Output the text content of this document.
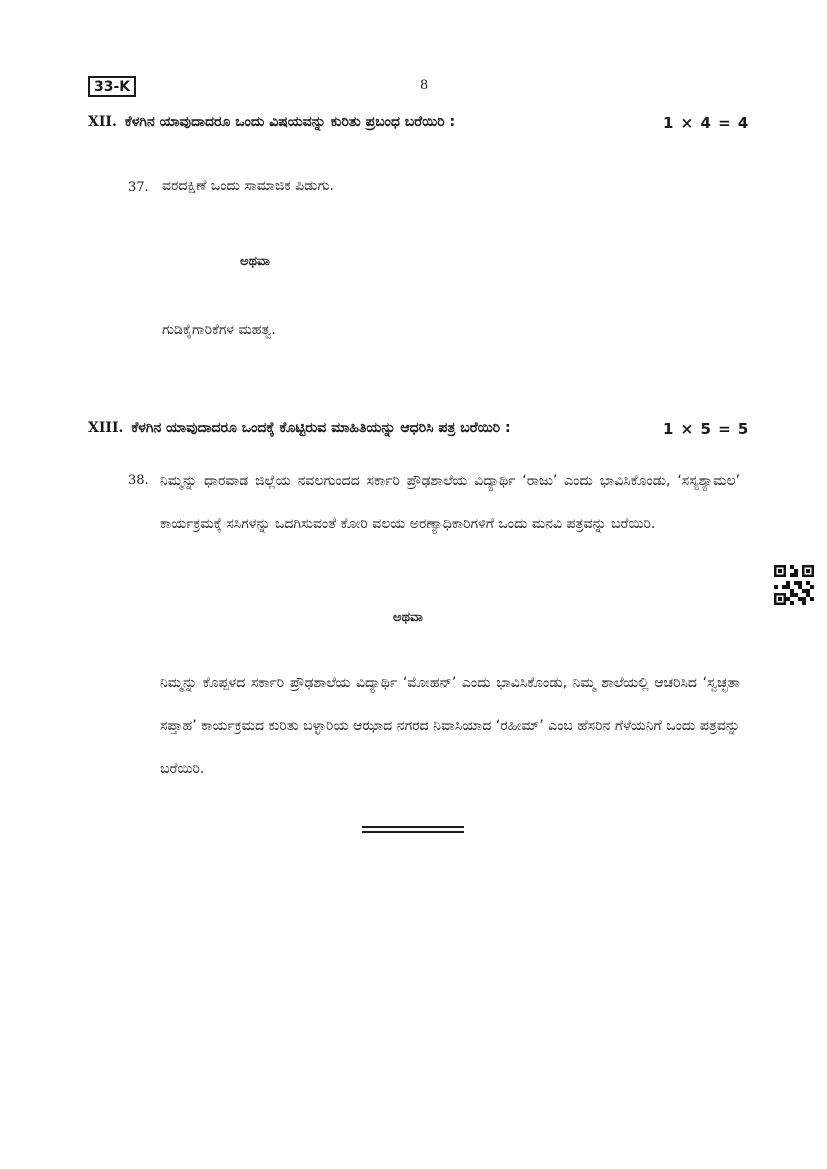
33-K	8
XII. ಕೆಳಗಿನ ಯಾವುದಾದರೂ ಒಂದು ವಿಷಯವನ್ನು ಕುರಿತು ಪ್ರಬಂಧ ಬರೆಯಿರಿ :	1 × 4 = 4
37. ವರದಕ್ಷಿಣೆ ಒಂದು ಸಾಮಾಜಿಕ ಪಿಡುಗು.
ಅಥವಾ
ಗುಡಿಕೈಗಾರಿಕೆಗಳ ಮಹತ್ವ.
XIII. ಕೆಳಗಿನ ಯಾವುದಾದರೂ ಒಂದಕ್ಕೆ ಕೊಟ್ಟಿರುವ ಮಾಹಿತಿಯನ್ನು ಆಧರಿಸಿ ಪತ್ರ ಬರೆಯಿರಿ :	1 × 5 = 5
38. ನಿಮ್ಮನ್ನು ಧಾರವಾಡ ಜಿಲ್ಲೆಯ ನವಲಗುಂದದ ಸರ್ಕಾರಿ ಪ್ರೌಢಶಾಲೆಯ ವಿದ್ಯಾರ್ಥಿ ‘ರಾಜು’ ಎಂದು ಭಾವಿಸಿಕೊಂಡು, ‘ಸಸ್ಯಶ್ಯಾಮಲ’ ಕಾರ್ಯಕ್ರಮಕ್ಕೆ ಸಸಿಗಳನ್ನು ಒದಗಿಸುವಂತೆ ಕೋರಿ ವಲಯ ಅರಣ್ಯಾಧಿಕಾರಿಗಳಿಗೆ ಒಂದು ಮನವಿ ಪತ್ರವನ್ನು ಬರೆಯಿರಿ.
ಅಥವಾ
ನಿಮ್ಮನ್ನು ಕೊಪ್ಪಳದ ಸರ್ಕಾರಿ ಪ್ರೌಢಶಾಲೆಯ ವಿದ್ಯಾರ್ಥಿ ‘ಮೋಹನ್’ ಎಂದು ಭಾವಿಸಿಕೊಂಡು, ನಿಮ್ಮ ಶಾಲೆಯಲ್ಲಿ ಆಚರಿಸಿದ ‘ಸ್ವಚ್ಛತಾ ಸಪ್ತಾಹ’ ಕಾರ್ಯಕ್ರಮದ ಕುರಿತು ಬಳ್ಳಾರಿಯ ಆಝಾದ ನಗರದ ನಿವಾಸಿಯಾದ ‘ರಹೀಮ್’ ಎಂಬ ಹೆಸರಿನ ಗೆಳೆಯನಿಗೆ ಒಂದು ಪತ್ರವನ್ನು ಬರೆಯಿರಿ.
